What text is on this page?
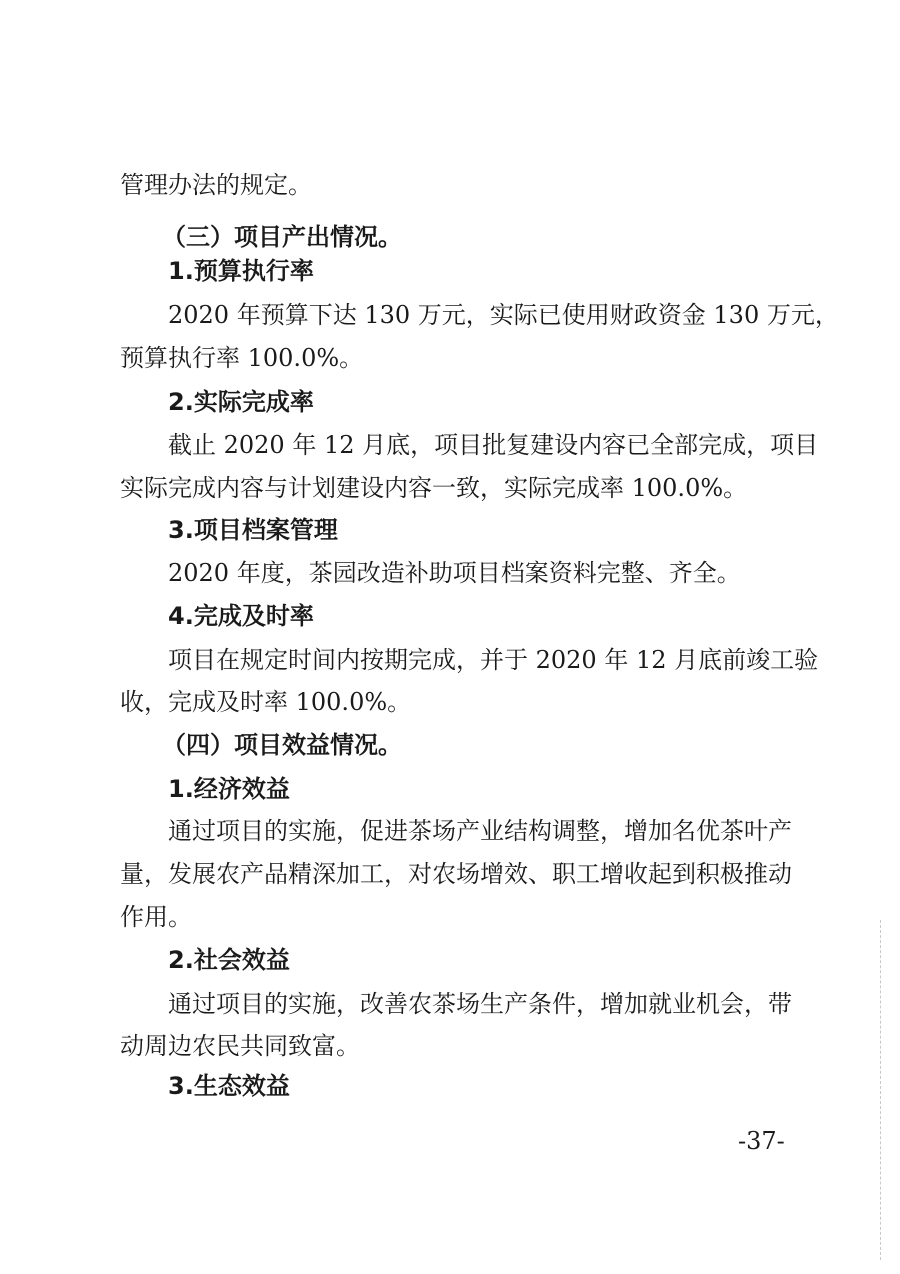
管理办法的规定。
（三）项目产出情况。
1.预算执行率
2020 年预算下达 130 万元，实际已使用财政资金 130 万元，
预算执行率 100.0%。
2.实际完成率
截止 2020 年 12 月底，项目批复建设内容已全部完成，项目
实际完成内容与计划建设内容一致，实际完成率 100.0%。
3.项目档案管理
2020 年度，茶园改造补助项目档案资料完整、齐全。
4.完成及时率
项目在规定时间内按期完成，并于 2020 年 12 月底前竣工验
收，完成及时率 100.0%。
（四）项目效益情况。
1.经济效益
通过项目的实施，促进茶场产业结构调整，增加名优茶叶产
量，发展农产品精深加工，对农场增效、职工增收起到积极推动
作用。
2.社会效益
通过项目的实施，改善农茶场生产条件，增加就业机会，带
动周边农民共同致富。
3.生态效益
-37-
